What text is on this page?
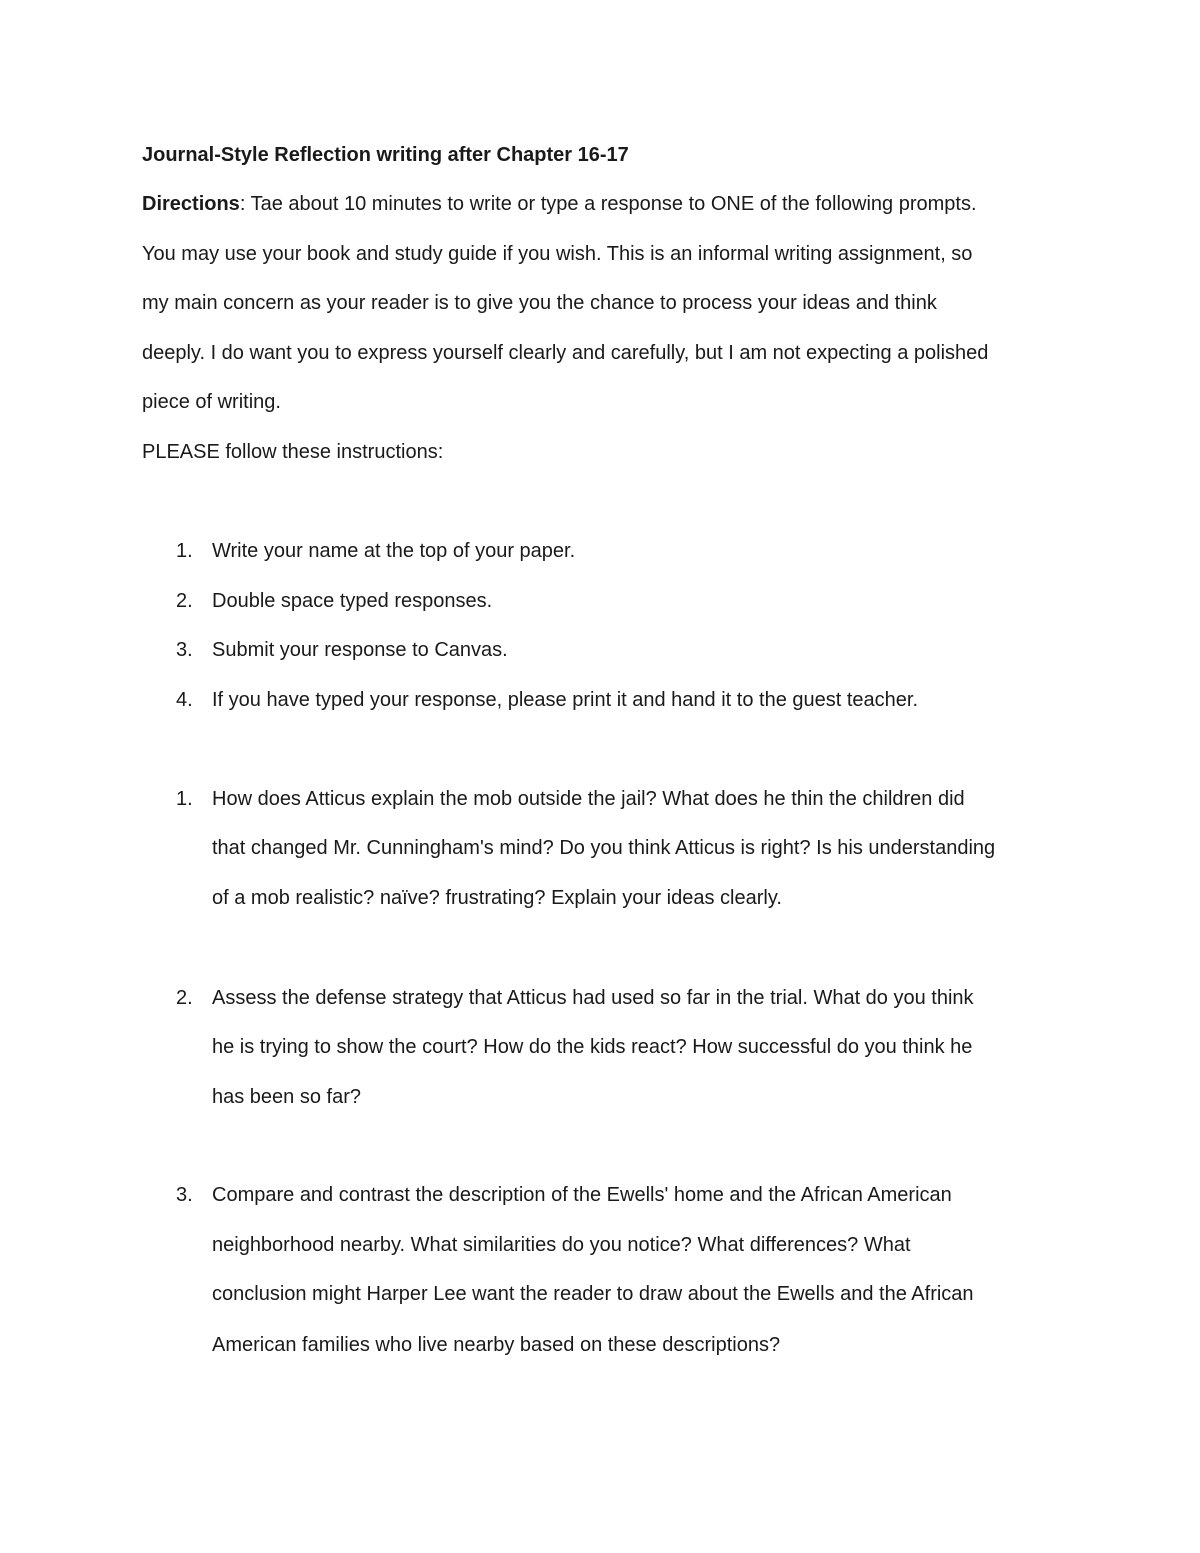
Journal-Style Reflection writing after Chapter 16-17
Directions: Tae about 10 minutes to write or type a response to ONE of the following prompts.
You may use your book and study guide if you wish. This is an informal writing assignment, so
my main concern as your reader is to give you the chance to process your ideas and think
deeply. I do want you to express yourself clearly and carefully, but I am not expecting a polished
piece of writing.
PLEASE follow these instructions:
1. Write your name at the top of your paper.
2. Double space typed responses.
3. Submit your response to Canvas.
4. If you have typed your response, please print it and hand it to the guest teacher.
1. How does Atticus explain the mob outside the jail? What does he thin the children did
that changed Mr. Cunningham's mind? Do you think Atticus is right? Is his understanding
of a mob realistic? naïve? frustrating? Explain your ideas clearly.
2. Assess the defense strategy that Atticus had used so far in the trial. What do you think
he is trying to show the court? How do the kids react? How successful do you think he
has been so far?
3. Compare and contrast the description of the Ewells' home and the African American
neighborhood nearby. What similarities do you notice? What differences? What
conclusion might Harper Lee want the reader to draw about the Ewells and the African
American families who live nearby based on these descriptions?
